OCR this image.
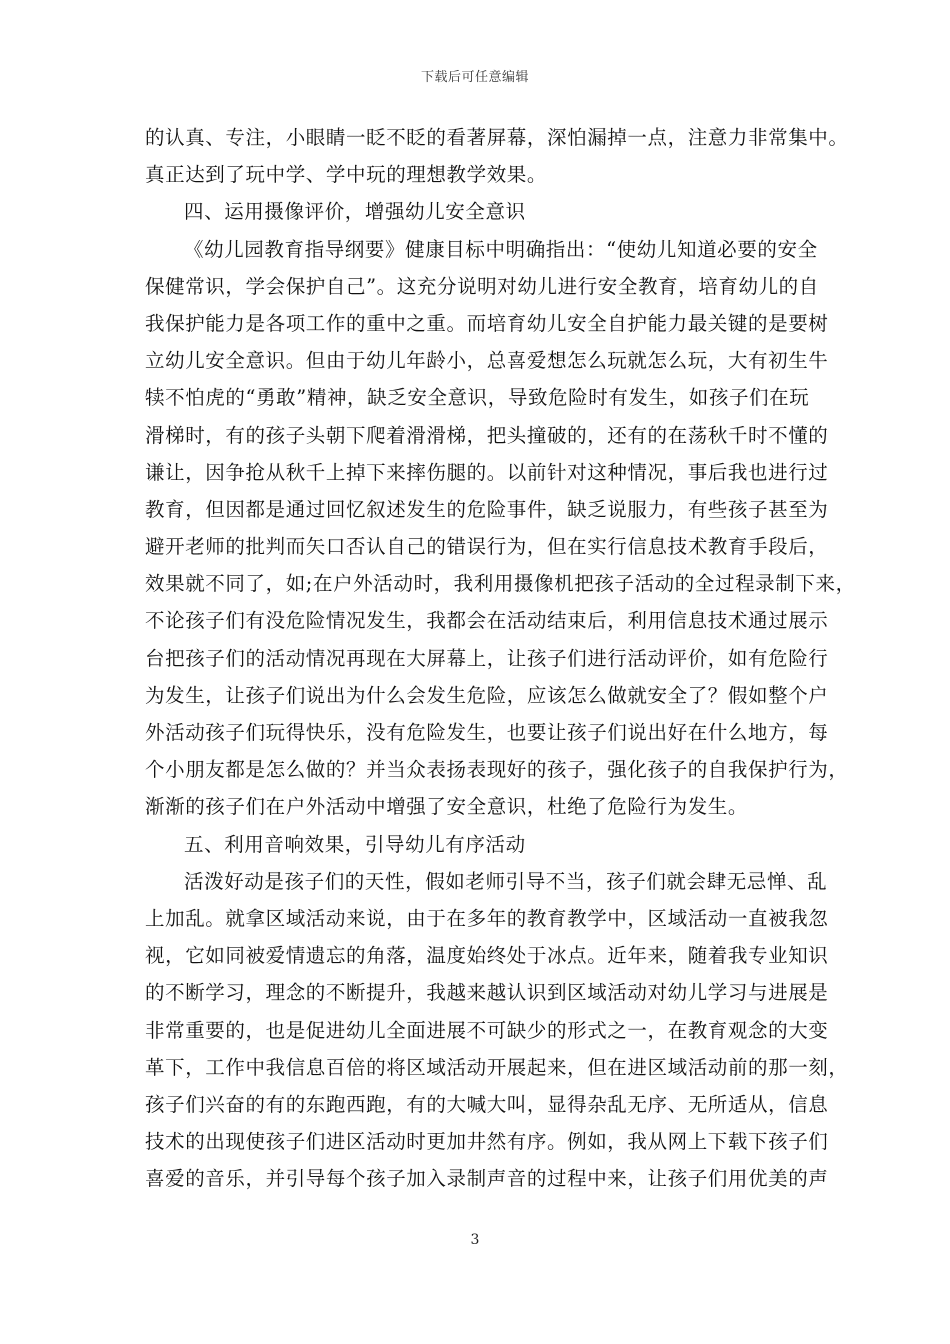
下载后可任意编辑
的认真、专注，小眼睛一眨不眨的看著屏幕，深怕漏掉一点，注意力非常集中。
真正达到了玩中学、学中玩的理想教学效果。
四、运用摄像评价，增强幼儿安全意识
《幼儿园教育指导纲要》健康目标中明确指出：“使幼儿知道必要的安全
保健常识，学会保护自己”。这充分说明对幼儿进行安全教育，培育幼儿的自
我保护能力是各项工作的重中之重。而培育幼儿安全自护能力最关键的是要树
立幼儿安全意识。但由于幼儿年龄小，总喜爱想怎么玩就怎么玩，大有初生牛
犊不怕虎的“勇敢”精神，缺乏安全意识，导致危险时有发生，如孩子们在玩
滑梯时，有的孩子头朝下爬着滑滑梯，把头撞破的，还有的在荡秋千时不懂的
谦让，因争抢从秋千上掉下来摔伤腿的。以前针对这种情况，事后我也进行过
教育，但因都是通过回忆叙述发生的危险事件，缺乏说服力，有些孩子甚至为
避开老师的批判而矢口否认自己的错误行为，但在实行信息技术教育手段后，
效果就不同了，如;在户外活动时，我利用摄像机把孩子活动的全过程录制下来，
不论孩子们有没危险情况发生，我都会在活动结束后，利用信息技术通过展示
台把孩子们的活动情况再现在大屏幕上，让孩子们进行活动评价，如有危险行
为发生，让孩子们说出为什么会发生危险，应该怎么做就安全了？假如整个户
外活动孩子们玩得快乐，没有危险发生，也要让孩子们说出好在什么地方，每
个小朋友都是怎么做的？并当众表扬表现好的孩子，强化孩子的自我保护行为，
渐渐的孩子们在户外活动中增强了安全意识，杜绝了危险行为发生。
五、利用音响效果，引导幼儿有序活动
活泼好动是孩子们的天性，假如老师引导不当，孩子们就会肆无忌惮、乱
上加乱。就拿区域活动来说，由于在多年的教育教学中，区域活动一直被我忽
视，它如同被爱情遗忘的角落，温度始终处于冰点。近年来，随着我专业知识
的不断学习，理念的不断提升，我越来越认识到区域活动对幼儿学习与进展是
非常重要的，也是促进幼儿全面进展不可缺少的形式之一，在教育观念的大变
革下，工作中我信息百倍的将区域活动开展起来，但在进区域活动前的那一刻，
孩子们兴奋的有的东跑西跑，有的大喊大叫，显得杂乱无序、无所适从，信息
技术的出现使孩子们进区活动时更加井然有序。例如，我从网上下载下孩子们
喜爱的音乐，并引导每个孩子加入录制声音的过程中来，让孩子们用优美的声
3
